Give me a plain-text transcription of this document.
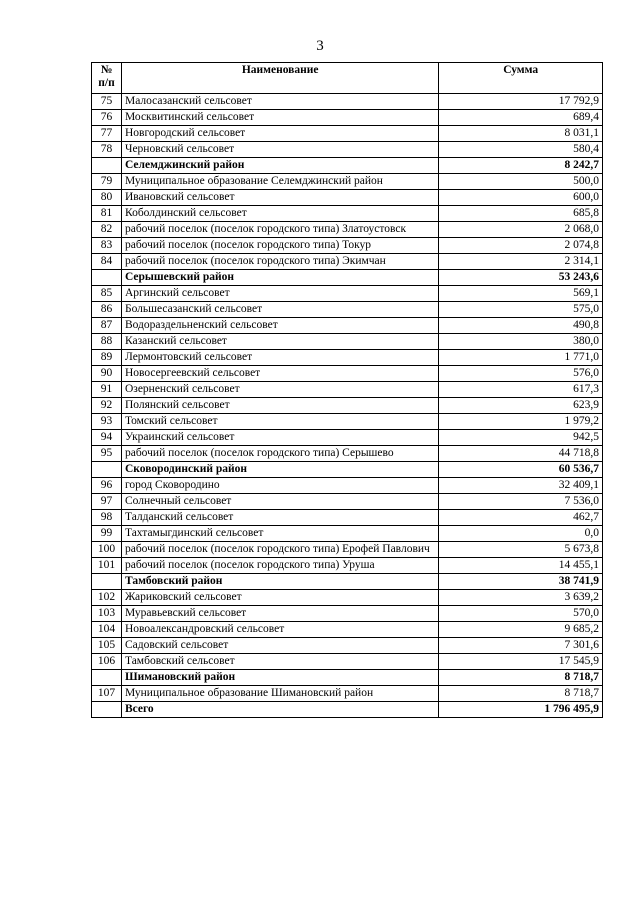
3
№ п/п	Наименование	Сумма
75	Малосазанский сельсовет	17 792,9
76	Москвитинский сельсовет	689,4
77	Новгородский сельсовет	8 031,1
78	Черновский сельсовет	580,4
	Селемджинский район	8 242,7
79	Муниципальное образование Селемджинский район	500,0
80	Ивановский сельсовет	600,0
81	Коболдинский сельсовет	685,8
82	рабочий поселок (поселок городского типа) Златоустовск	2 068,0
83	рабочий поселок (поселок городского типа) Токур	2 074,8
84	рабочий поселок (поселок городского типа) Экимчан	2 314,1
	Серышевский район	53 243,6
85	Аргинский сельсовет	569,1
86	Большесазанский сельсовет	575,0
87	Водораздельненский сельсовет	490,8
88	Казанский сельсовет	380,0
89	Лермонтовский сельсовет	1 771,0
90	Новосергеевский сельсовет	576,0
91	Озерненский сельсовет	617,3
92	Полянский сельсовет	623,9
93	Томский сельсовет	1 979,2
94	Украинский сельсовет	942,5
95	рабочий поселок (поселок городского типа) Серышево	44 718,8
	Сковородинский район	60 536,7
96	город Сковородино	32 409,1
97	Солнечный сельсовет	7 536,0
98	Талданский сельсовет	462,7
99	Тахтамыгдинский сельсовет	0,0
100	рабочий поселок (поселок городского типа) Ерофей Павлович	5 673,8
101	рабочий поселок (поселок городского типа) Уруша	14 455,1
	Тамбовский район	38 741,9
102	Жариковский сельсовет	3 639,2
103	Муравьевский сельсовет	570,0
104	Новоалександровский сельсовет	9 685,2
105	Садовский сельсовет	7 301,6
106	Тамбовский сельсовет	17 545,9
	Шимановский район	8 718,7
107	Муниципальное образование Шимановский район	8 718,7
	Всего	1 796 495,9
